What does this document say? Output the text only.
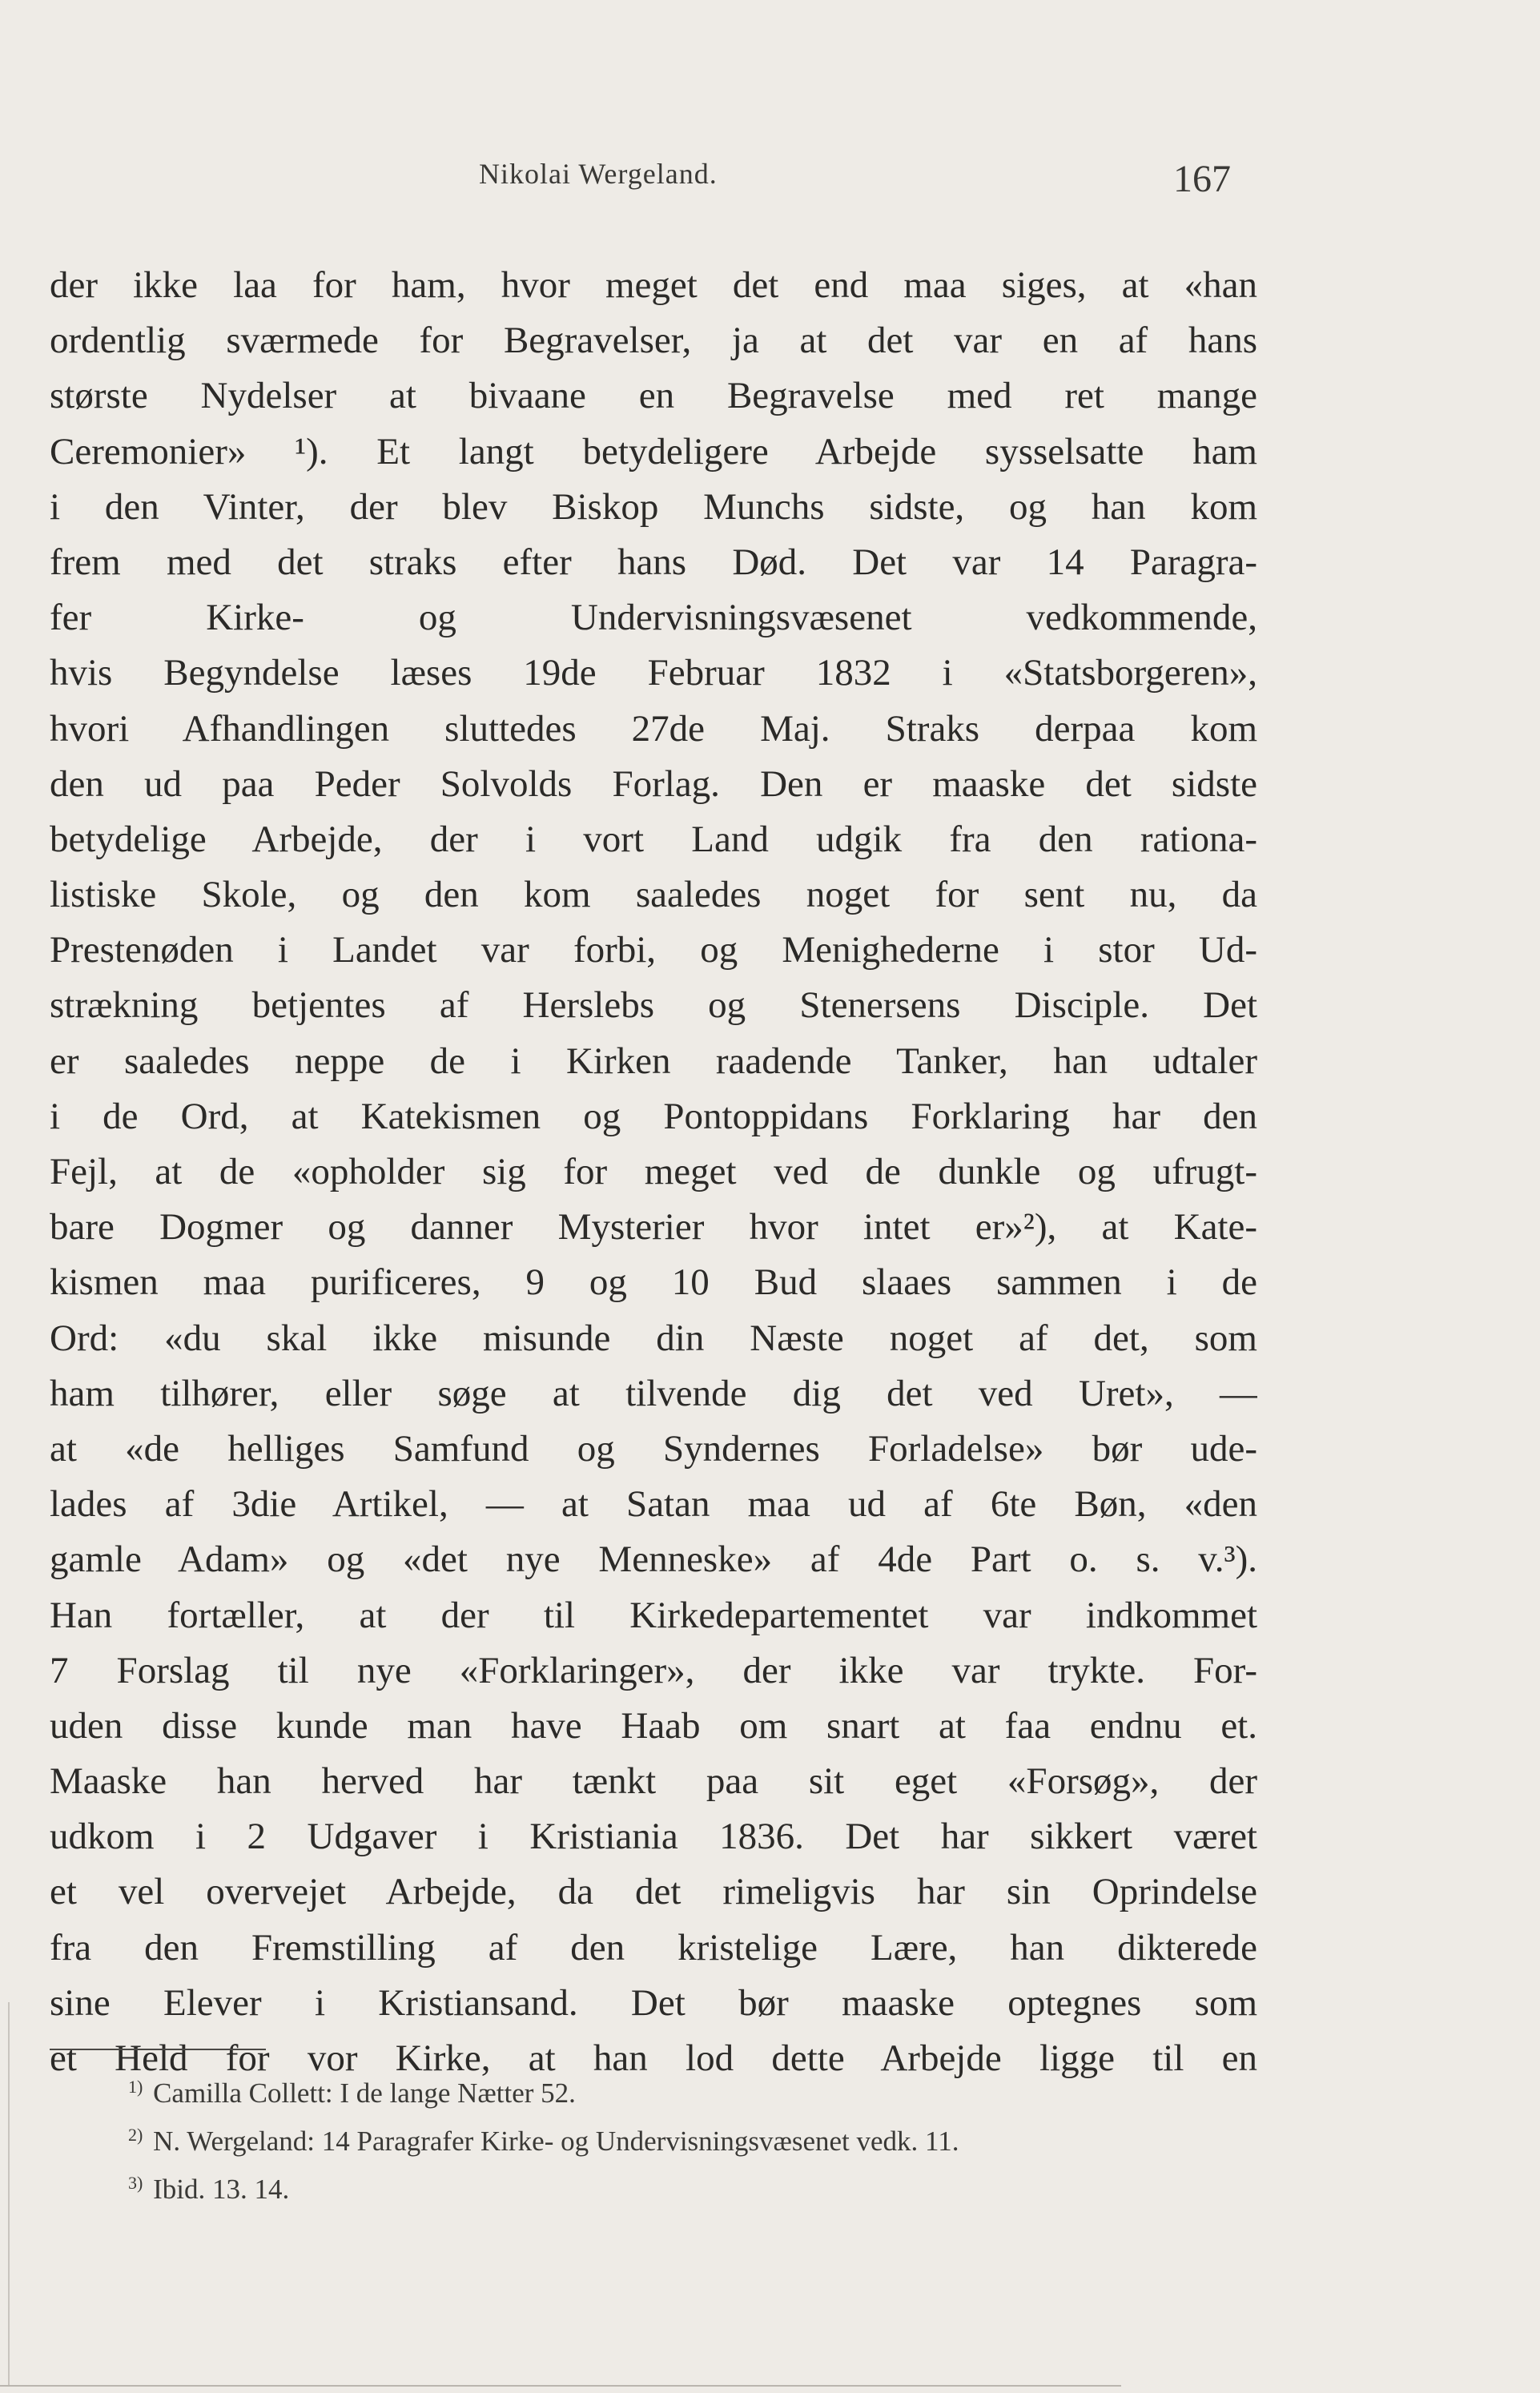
Nikolai Wergeland.	167
der ikke laa for ham, hvor meget det end maa siges, at «han
ordentlig sværmede for Begravelser, ja at det var en af hans
største Nydelser at bivaane en Begravelse med ret mange
Ceremonier» ¹). Et langt betydeligere Arbejde sysselsatte ham
i den Vinter, der blev Biskop Munchs sidste, og han kom
frem med det straks efter hans Død. Det var 14 Paragra-
fer Kirke- og Undervisningsvæsenet vedkommende,
hvis Begyndelse læses 19de Februar 1832 i «Statsborgeren»,
hvori Afhandlingen sluttedes 27de Maj. Straks derpaa kom
den ud paa Peder Solvolds Forlag. Den er maaske det sidste
betydelige Arbejde, der i vort Land udgik fra den rationa-
listiske Skole, og den kom saaledes noget for sent nu, da
Prestenøden i Landet var forbi, og Menighederne i stor Ud-
strækning betjentes af Herslebs og Stenersens Disciple. Det
er saaledes neppe de i Kirken raadende Tanker, han udtaler
i de Ord, at Katekismen og Pontoppidans Forklaring har den
Fejl, at de «opholder sig for meget ved de dunkle og ufrugt-
bare Dogmer og danner Mysterier hvor intet er»²), at Kate-
kismen maa purificeres, 9 og 10 Bud slaaes sammen i de
Ord: «du skal ikke misunde din Næste noget af det, som
ham tilhører, eller søge at tilvende dig det ved Uret», —
at «de helliges Samfund og Syndernes Forladelse» bør ude-
lades af 3die Artikel, — at Satan maa ud af 6te Bøn, «den
gamle Adam» og «det nye Menneske» af 4de Part o. s. v.³).
Han fortæller, at der til Kirkedepartementet var indkommet
7 Forslag til nye «Forklaringer», der ikke var trykte. For-
uden disse kunde man have Haab om snart at faa endnu et.
Maaske han herved har tænkt paa sit eget «Forsøg», der
udkom i 2 Udgaver i Kristiania 1836. Det har sikkert været
et vel overvejet Arbejde, da det rimeligvis har sin Oprindelse
fra den Fremstilling af den kristelige Lære, han dikterede
sine Elever i Kristiansand. Det bør maaske optegnes som
et Held for vor Kirke, at han lod dette Arbejde ligge til en
$^{1)}$ Camilla Collett: I de lange Nætter 52.
$^{2)}$ N. Wergeland: 14 Paragrafer Kirke- og Undervisningsvæsenet vedk. 11.
$^{3)}$ Ibid. 13. 14.
